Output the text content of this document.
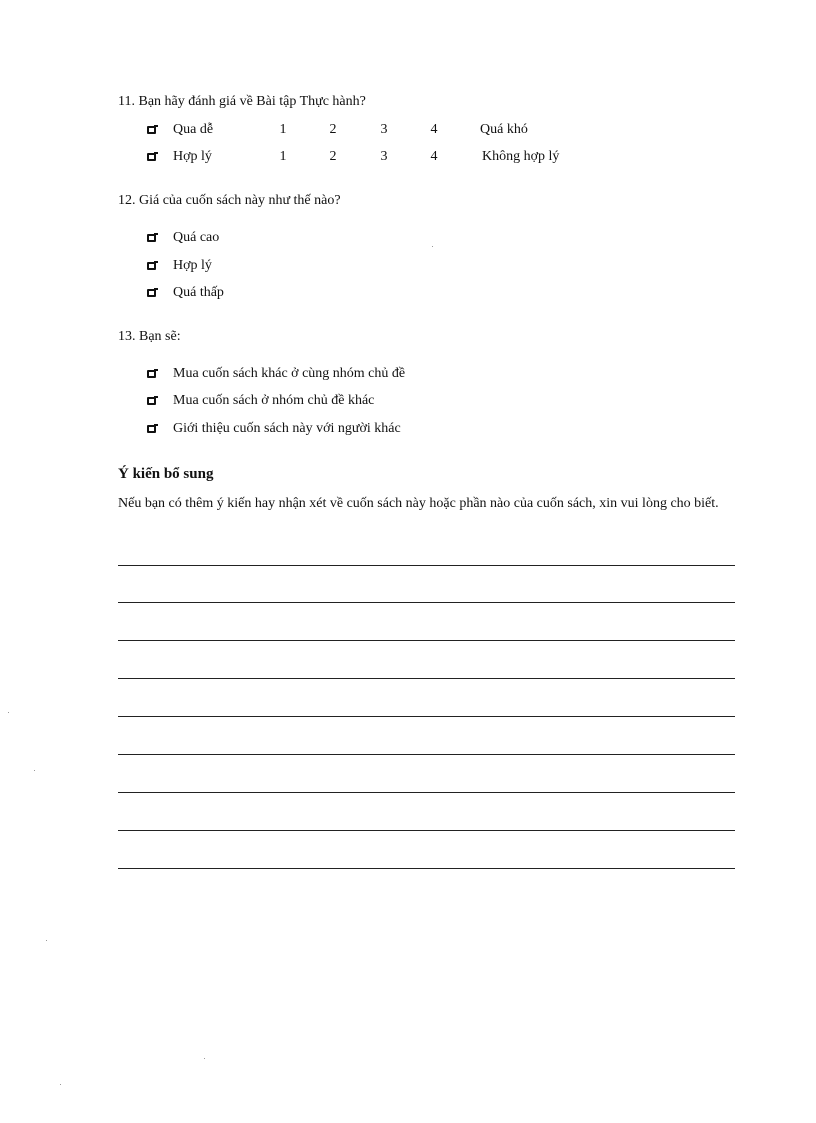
11. Bạn hãy đánh giá về Bài tập Thực hành?
Qua dễ	1	2	3	4	Quá khó
Hợp lý	1	2	3	4	Không hợp lý
12. Giá của cuốn sách này như thế nào?
Quá cao
Hợp lý
Quá thấp
13. Bạn sẽ:
Mua cuốn sách khác ở cùng nhóm chủ đề
Mua cuốn sách ở nhóm chủ đề khác
Giới thiệu cuốn sách này với người khác
Ý kiến bổ sung
Nếu bạn có thêm ý kiến hay nhận xét về cuốn sách này hoặc phần nào của cuốn sách, xin vui lòng cho biết.
